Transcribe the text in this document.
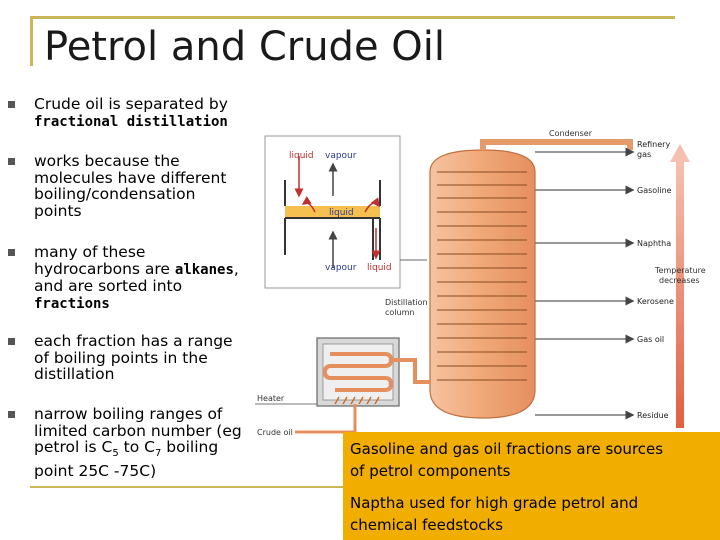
Petrol and Crude Oil
Crude oil is separated by
fractional distillation
works because the
molecules have different
boiling/condensation
points
many of these
hydrocarbons are alkanes,
and are sorted into
fractions
each fraction has a range
of boiling points in the
distillation
narrow boiling ranges of
limited carbon number (eg
petrol is $C_5$ to $C_7$ boiling
point 25C -75C)
liquid vapour
liquid
vapour liquid
Condenser
Refinery
gas
Gasoline
Naphtha
Kerosene
Gas oil
Residue
Temperature
decreases
Distillation
column
Heater
Crude oil
Gasoline and gas oil fractions are sources
of petrol components
Naptha used for high grade petrol and
chemical feedstocks
